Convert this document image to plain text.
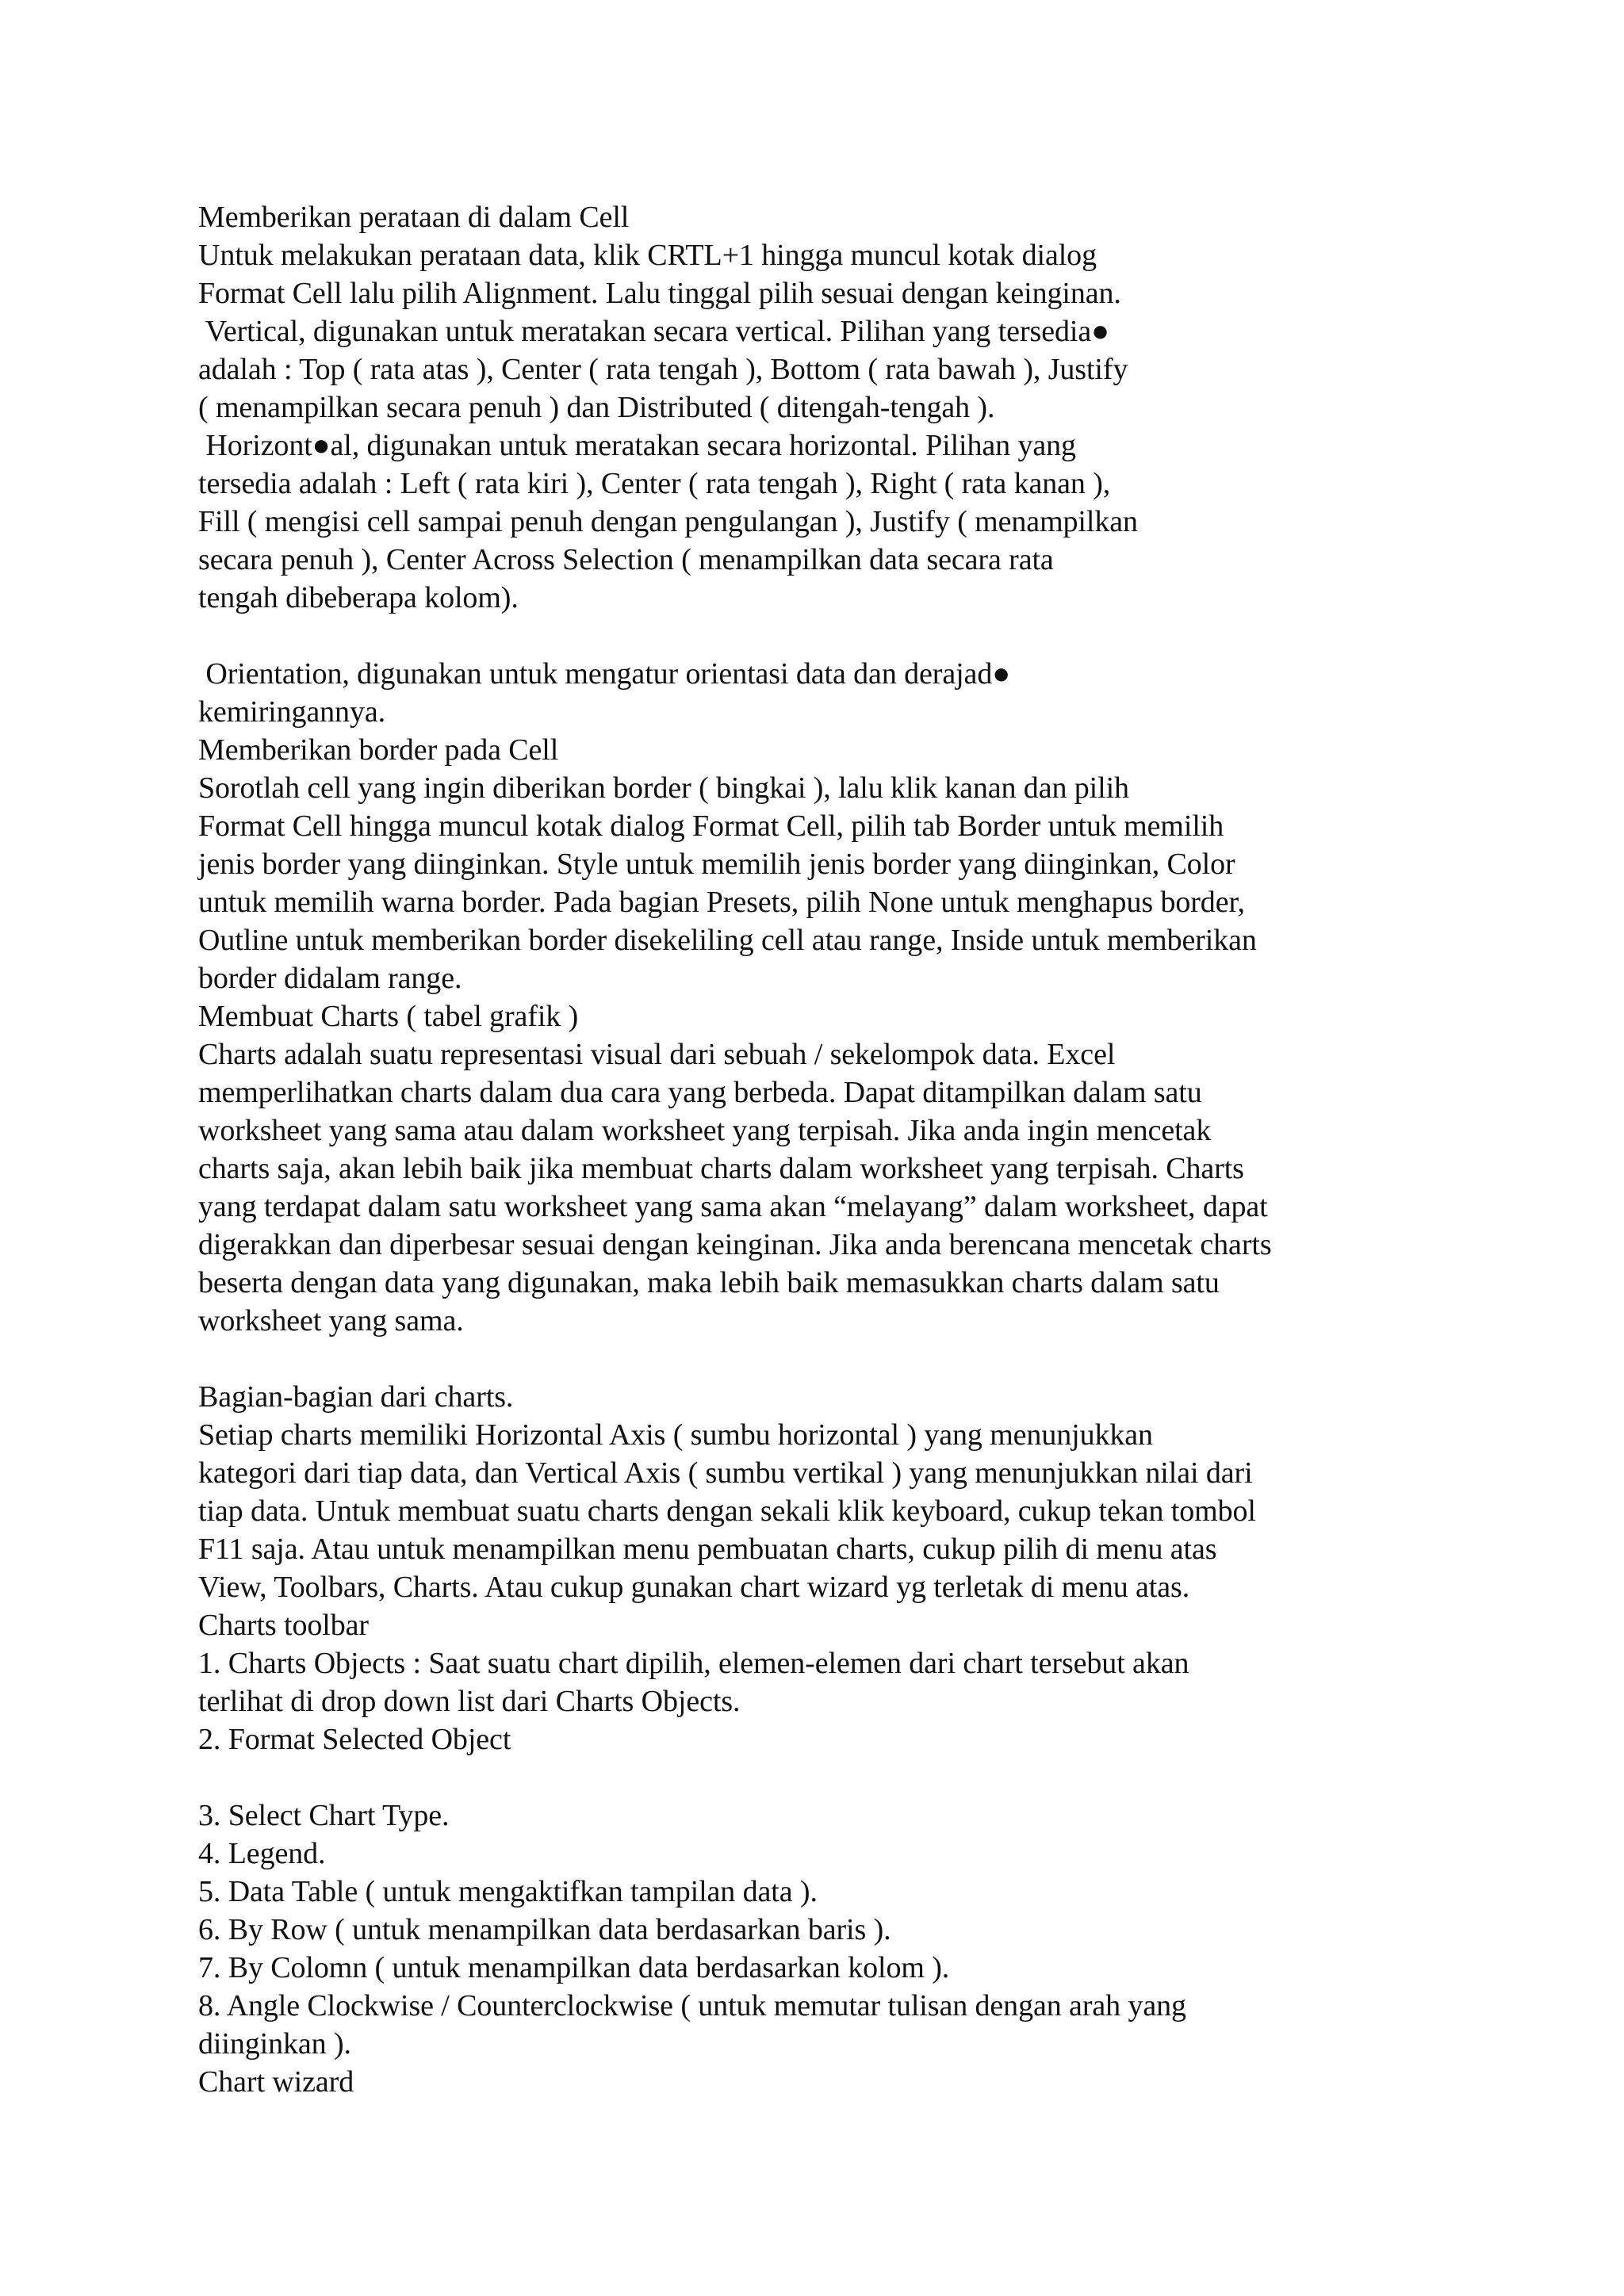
Memberikan perataan di dalam Cell
Untuk melakukan perataan data, klik CRTL+1 hingga muncul kotak dialog
Format Cell lalu pilih Alignment. Lalu tinggal pilih sesuai dengan keinginan.
Vertical, digunakan untuk meratakan secara vertical. Pilihan yang tersedia●
adalah : Top ( rata atas ), Center ( rata tengah ), Bottom ( rata bawah ), Justify
( menampilkan secara penuh ) dan Distributed ( ditengah-tengah ).
Horizont●al, digunakan untuk meratakan secara horizontal. Pilihan yang
tersedia adalah : Left ( rata kiri ), Center ( rata tengah ), Right ( rata kanan ),
Fill ( mengisi cell sampai penuh dengan pengulangan ), Justify ( menampilkan
secara penuh ), Center Across Selection ( menampilkan data secara rata
tengah dibeberapa kolom).
Orientation, digunakan untuk mengatur orientasi data dan derajad●
kemiringannya.
Memberikan border pada Cell
Sorotlah cell yang ingin diberikan border ( bingkai ), lalu klik kanan dan pilih
Format Cell hingga muncul kotak dialog Format Cell, pilih tab Border untuk memilih
jenis border yang diinginkan. Style untuk memilih jenis border yang diinginkan, Color
untuk memilih warna border. Pada bagian Presets, pilih None untuk menghapus border,
Outline untuk memberikan border disekeliling cell atau range, Inside untuk memberikan
border didalam range.
Membuat Charts ( tabel grafik )
Charts adalah suatu representasi visual dari sebuah / sekelompok data. Excel
memperlihatkan charts dalam dua cara yang berbeda. Dapat ditampilkan dalam satu
worksheet yang sama atau dalam worksheet yang terpisah. Jika anda ingin mencetak
charts saja, akan lebih baik jika membuat charts dalam worksheet yang terpisah. Charts
yang terdapat dalam satu worksheet yang sama akan “melayang” dalam worksheet, dapat
digerakkan dan diperbesar sesuai dengan keinginan. Jika anda berencana mencetak charts
beserta dengan data yang digunakan, maka lebih baik memasukkan charts dalam satu
worksheet yang sama.
Bagian-bagian dari charts.
Setiap charts memiliki Horizontal Axis ( sumbu horizontal ) yang menunjukkan
kategori dari tiap data, dan Vertical Axis ( sumbu vertikal ) yang menunjukkan nilai dari
tiap data. Untuk membuat suatu charts dengan sekali klik keyboard, cukup tekan tombol
F11 saja. Atau untuk menampilkan menu pembuatan charts, cukup pilih di menu atas
View, Toolbars, Charts. Atau cukup gunakan chart wizard yg terletak di menu atas.
Charts toolbar
1. Charts Objects : Saat suatu chart dipilih, elemen-elemen dari chart tersebut akan
terlihat di drop down list dari Charts Objects.
2. Format Selected Object
3. Select Chart Type.
4. Legend.
5. Data Table ( untuk mengaktifkan tampilan data ).
6. By Row ( untuk menampilkan data berdasarkan baris ).
7. By Colomn ( untuk menampilkan data berdasarkan kolom ).
8. Angle Clockwise / Counterclockwise ( untuk memutar tulisan dengan arah yang
diinginkan ).
Chart wizard
